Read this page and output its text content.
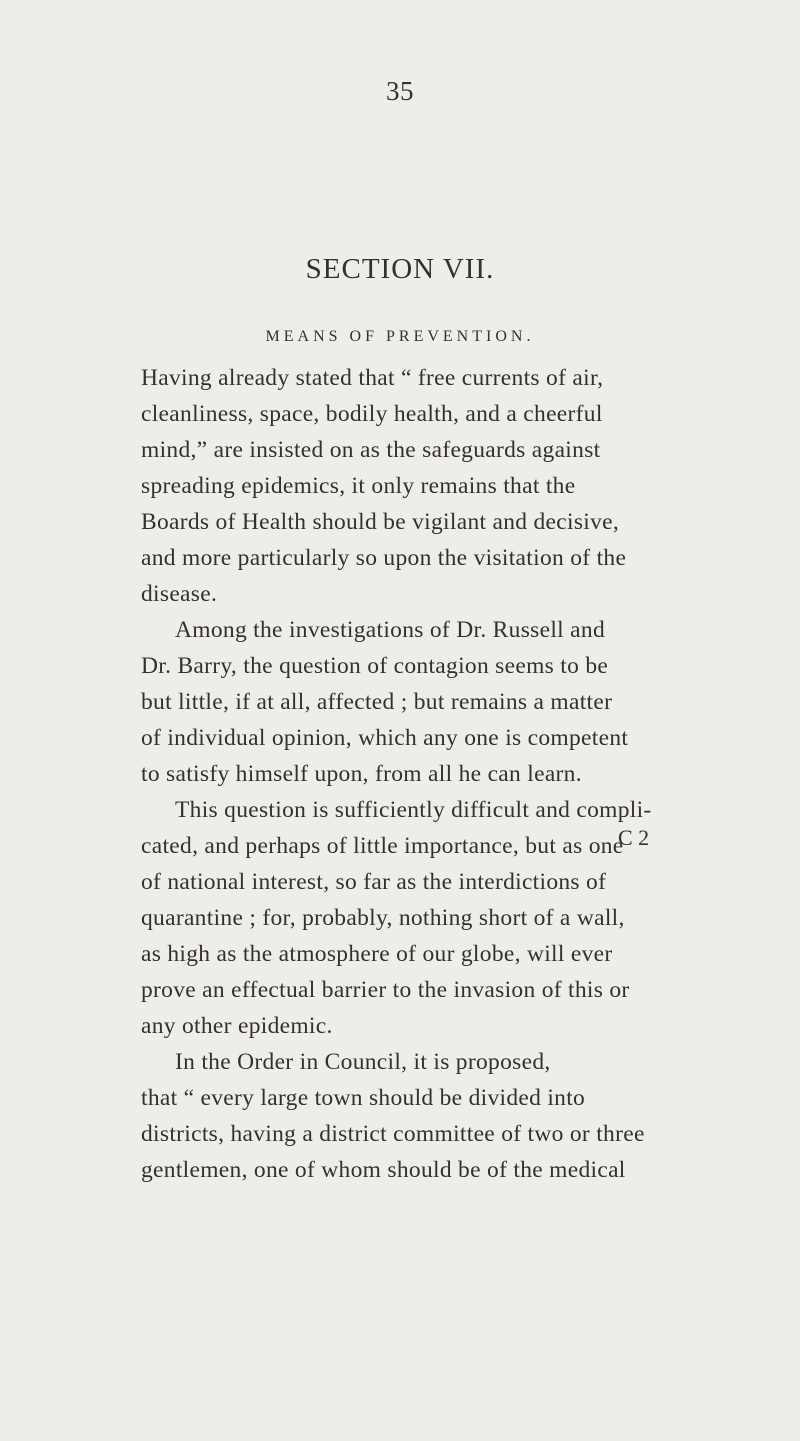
35
SECTION VII.
MEANS OF PREVENTION.
Having already stated that “ free currents of air,
cleanliness, space, bodily health, and a cheerful
mind,” are insisted on as the safeguards against
spreading epidemics, it only remains that the
Boards of Health should be vigilant and decisive,
and more particularly so upon the visitation of the
disease.
Among the investigations of Dr. Russell and
Dr. Barry, the question of contagion seems to be
but little, if at all, affected ; but remains a matter
of individual opinion, which any one is competent
to satisfy himself upon, from all he can learn.
This question is sufficiently difficult and compli-
cated, and perhaps of little importance, but as one
of national interest, so far as the interdictions of
quarantine ; for, probably, nothing short of a wall,
as high as the atmosphere of our globe, will ever
prove an effectual barrier to the invasion of this or
any other epidemic.
In the Order in Council, it is proposed,
that “ every large town should be divided into
districts, having a district committee of two or three
gentlemen, one of whom should be of the medical
C 2
